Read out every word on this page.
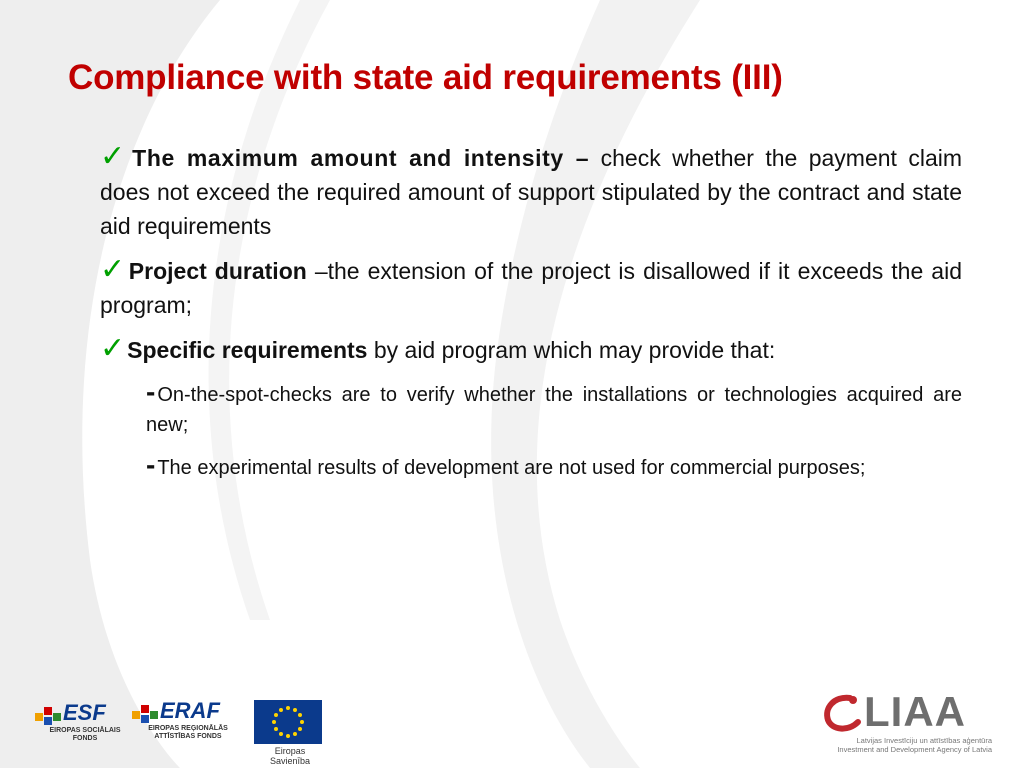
Compliance with state aid requirements (III)

✓The maximum amount and intensity – check whether the payment claim does not exceed the required amount of support stipulated by the contract and state aid requirements

✓Project duration –the extension of the project is disallowed if it exceeds the aid program;

✓Specific requirements by aid program which may provide that:

- On-the-spot-checks are to verify whether the installations or technologies acquired are new;

- The experimental results of development are not used for commercial purposes;

ESF
EIROPAS SOCIĀLAIS
FONDS
ERAF
EIROPAS REĢIONĀLĀS
ATTĪSTĪBAS FONDS
Eiropas Savienība
LIAA
Latvijas Investīciju un attīstības aģentūra
Investment and Development Agency of Latvia
